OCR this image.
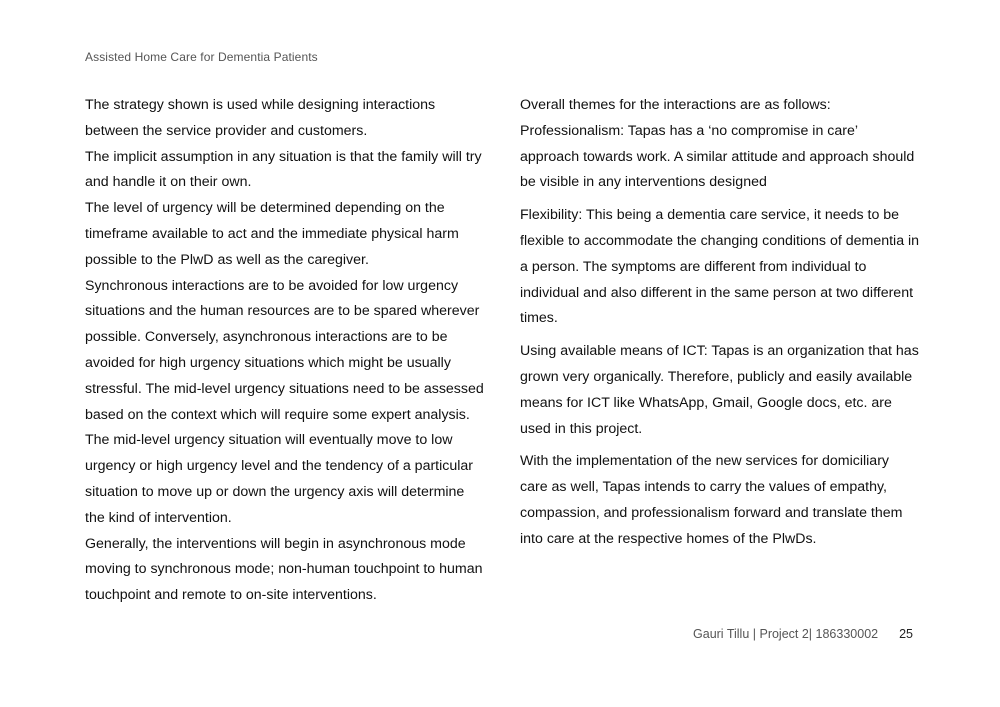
Assisted Home Care for Dementia Patients

The strategy shown is used while designing interactions between the service provider and customers.

The implicit assumption in any situation is that the family will try and handle it on their own.

The level of urgency will be determined depending on the timeframe available to act and the immediate physical harm possible to the PlwD as well as the caregiver.

Synchronous interactions are to be avoided for low urgency situations and the human resources are to be spared wherever possible. Conversely, asynchronous interactions are to be avoided for high urgency situations which might be usually stressful. The mid-level urgency situations need to be assessed based on the context which will require some expert analysis. The mid-level urgency situation will eventually move to low urgency or high urgency level and the tendency of a particular situation to move up or down the urgency axis will determine the kind of intervention.

Generally, the interventions will begin in asynchronous mode moving to synchronous mode; non-human touchpoint to human touchpoint and remote to on-site interventions.

Overall themes for the interactions are as follows:

Professionalism: Tapas has a ‘no compromise in care’ approach towards work. A similar attitude and approach should be visible in any interventions designed

Flexibility: This being a dementia care service, it needs to be flexible to accommodate the changing conditions of dementia in a person. The symptoms are different from individual to individual and also different in the same person at two different times.

Using available means of ICT: Tapas is an organization that has grown very organically. Therefore, publicly and easily available means for ICT like WhatsApp, Gmail, Google docs, etc. are used in this project.

With the implementation of the new services for domiciliary care as well, Tapas intends to carry the values of empathy, compassion, and professionalism forward and translate them into care at the respective homes of the PlwDs.

Gauri Tillu | Project 2| 186330002 25
